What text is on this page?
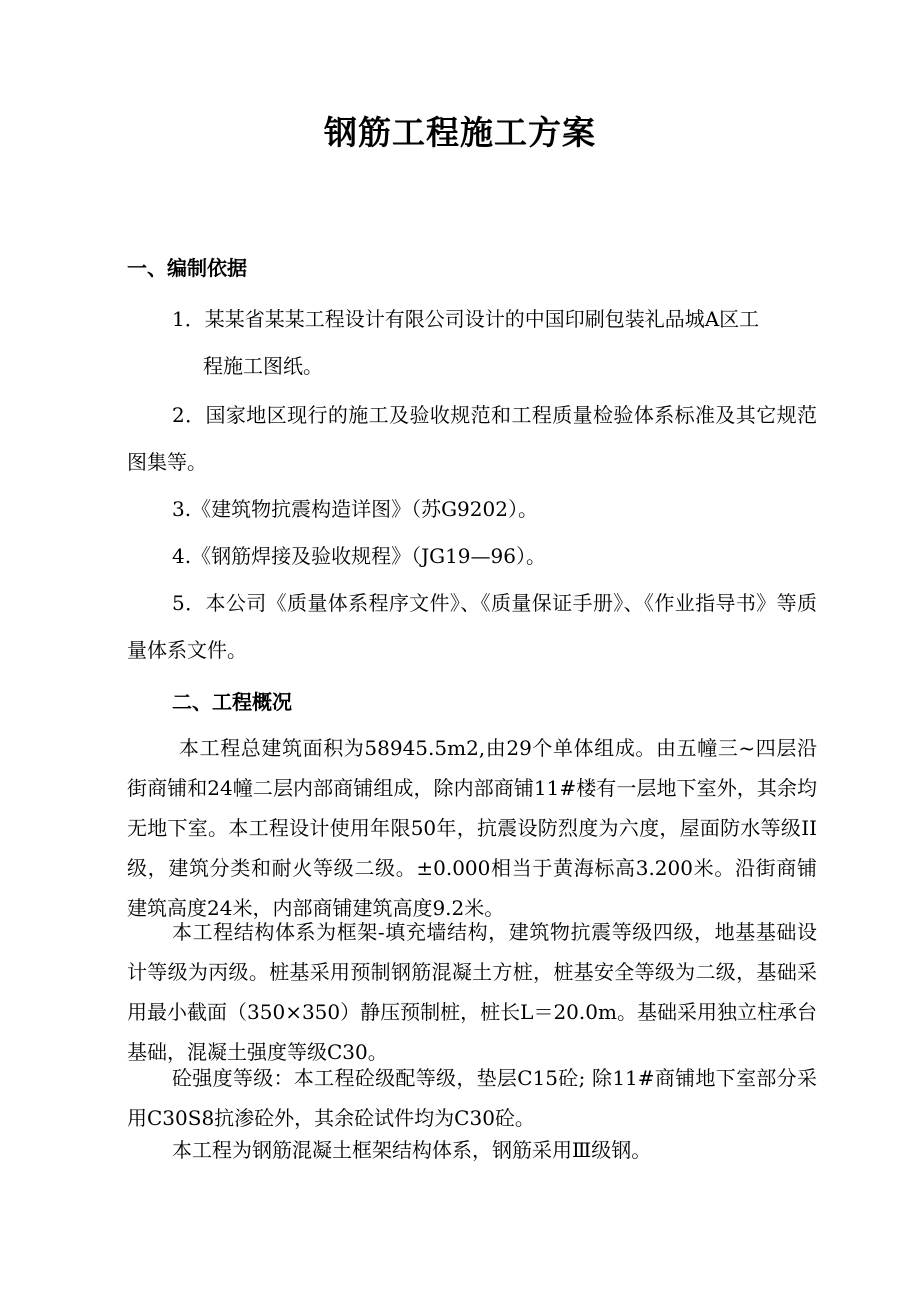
钢筋工程施工方案
一、编制依据
1．某某省某某工程设计有限公司设计的中国印刷包装礼品城A区工
程施工图纸。
2．国家地区现行的施工及验收规范和工程质量检验体系标准及其它规范图集等。
3.《建筑物抗震构造详图》（苏G9202）。
4.《钢筋焊接及验收规程》（JG19—96）。
5．本公司《质量体系程序文件》、《质量保证手册》、《作业指导书》等质量体系文件。
二、工程概况
本工程总建筑面积为58945.5m2,由29个单体组成。由五幢三~四层沿街商铺和24幢二层内部商铺组成，除内部商铺11#楼有一层地下室外，其余均无地下室。本工程设计使用年限50年，抗震设防烈度为六度，屋面防水等级II级，建筑分类和耐火等级二级。±0.000相当于黄海标高3.200米。沿街商铺建筑高度24米，内部商铺建筑高度9.2米。
本工程结构体系为框架-填充墙结构，建筑物抗震等级四级，地基基础设计等级为丙级。桩基采用预制钢筋混凝土方桩，桩基安全等级为二级，基础采用最小截面（350×350）静压预制桩，桩长L＝20.0m。基础采用独立柱承台基础，混凝土强度等级C30。
砼强度等级：本工程砼级配等级，垫层C15砼; 除11#商铺地下室部分采用C30S8抗渗砼外，其余砼试件均为C30砼。
本工程为钢筋混凝土框架结构体系，钢筋采用Ⅲ级钢。
